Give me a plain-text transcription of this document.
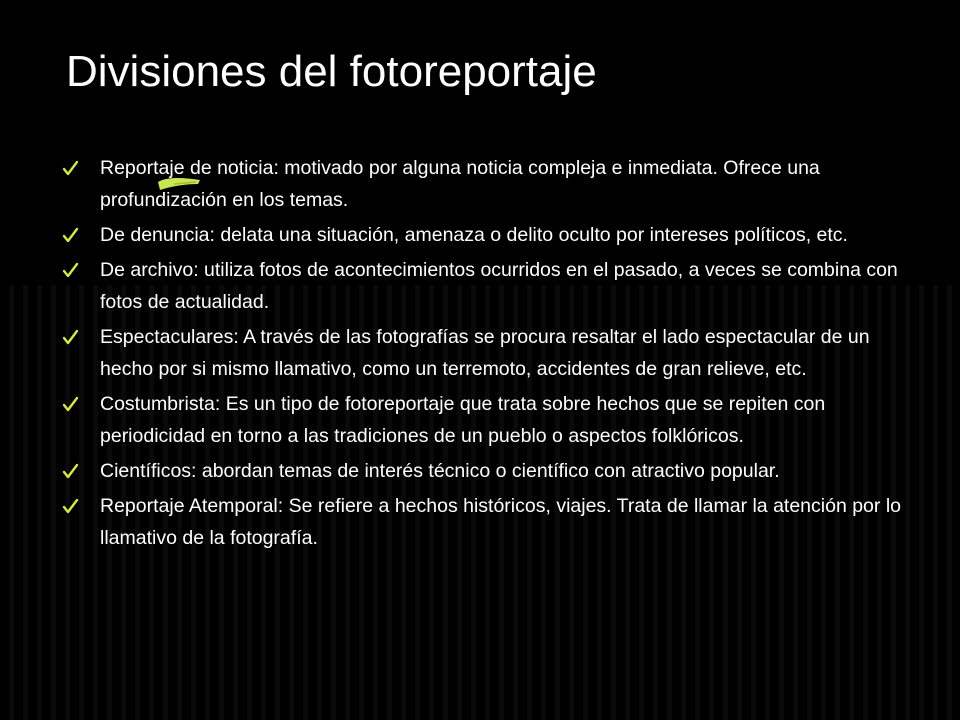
Divisiones del fotoreportaje
Reportaje de noticia: motivado por alguna noticia compleja e inmediata. Ofrece una profundización en los temas.
De denuncia: delata una situación, amenaza o delito oculto por intereses políticos, etc.
De archivo: utiliza fotos de acontecimientos ocurridos en el pasado, a veces se combina con fotos de actualidad.
Espectaculares: A través de las fotografías se procura resaltar el lado espectacular de un hecho por si mismo llamativo, como un terremoto, accidentes de gran relieve, etc.
Costumbrista: Es un tipo de fotoreportaje que trata sobre hechos que se repiten con periodicidad en torno a las tradiciones de un pueblo o aspectos folklóricos.
Científicos: abordan temas de interés técnico o científico con atractivo popular.
Reportaje Atemporal: Se refiere a hechos históricos, viajes. Trata de llamar la atención por lo llamativo de la fotografía.
